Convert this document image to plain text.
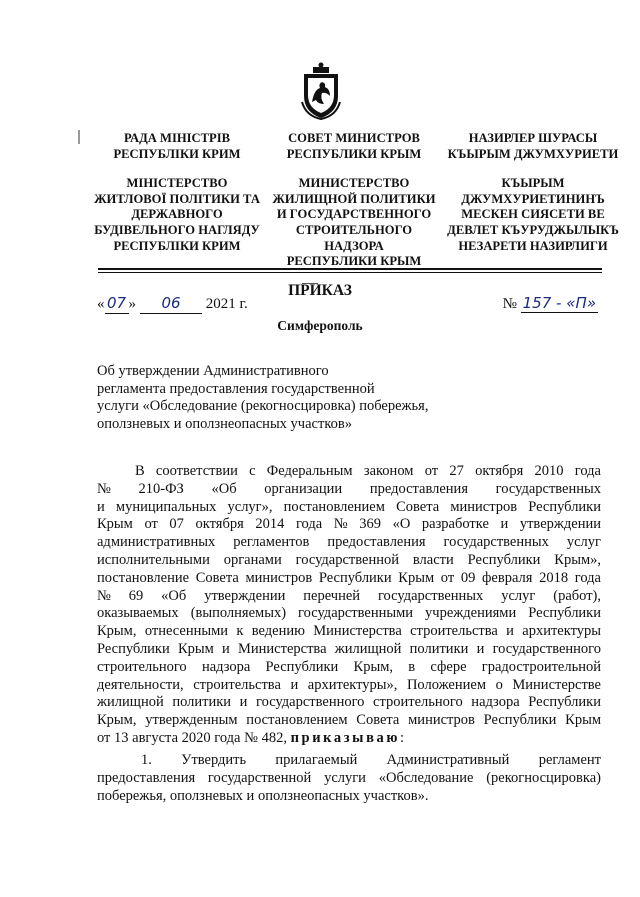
РАДА МІНІСТРІВ
РЕСПУБЛІКИ КРИМ
МІНІСТЕРСТВО
ЖИТЛОВОЇ ПОЛІТИКИ ТА
ДЕРЖАВНОГО
БУДІВЕЛЬНОГО НАГЛЯДУ
РЕСПУБЛІКИ КРИМ
СОВЕТ МИНИСТРОВ
РЕСПУБЛИКИ КРЫМ
МИНИСТЕРСТВО
ЖИЛИЩНОЙ ПОЛИТИКИ
И ГОСУДАРСТВЕННОГО
СТРОИТЕЛЬНОГО
НАДЗОРА
РЕСПУБЛИКИ КРЫМ
НАЗИРЛЕР ШУРАСЫ
КЪЫРЫМ ДЖУМХУРИЕТИ
КЪЫРЫМ
ДЖУМХУРИЕТИНИНЪ
МЕСКЕН СИЯСЕТИ ВЕ
ДЕВЛЕТ КЪУРУДЖЫЛЫКЪ
НЕЗАРЕТИ НАЗИРЛИГИ
ПРИКАЗ
« 07 » 06 2021 г.	№ 157 - «П»
Симферополь
Об утверждении Административного
регламента предоставления государственной
услуги «Обследование (рекогносцировка) побережья,
оползневых и оползнеопасных участков»
В соответствии с Федеральным законом от 27 октября 2010 года
№ 210-ФЗ «Об организации предоставления государственных
и муниципальных услуг», постановлением Совета министров Республики
Крым от 07 октября 2014 года № 369 «О разработке и утверждении
административных регламентов предоставления государственных услуг
исполнительными органами государственной власти Республики Крым»,
постановление Совета министров Республики Крым от 09 февраля 2018 года
№ 69 «Об утверждении перечней государственных услуг (работ),
оказываемых (выполняемых) государственными учреждениями Республики
Крым, отнесенными к ведению Министерства строительства и архитектуры
Республики Крым и Министерства жилищной политики и государственного
строительного надзора Республики Крым, в сфере градостроительной
деятельности, строительства и архитектуры», Положением о Министерстве
жилищной политики и государственного строительного надзора Республики
Крым, утвержденным постановлением Совета министров Республики Крым
от 13 августа 2020 года № 482, приказываю:
1. Утвердить прилагаемый Административный регламент
предоставления государственной услуги «Обследование (рекогносцировка)
побережья, оползневых и оползнеопасных участков».
